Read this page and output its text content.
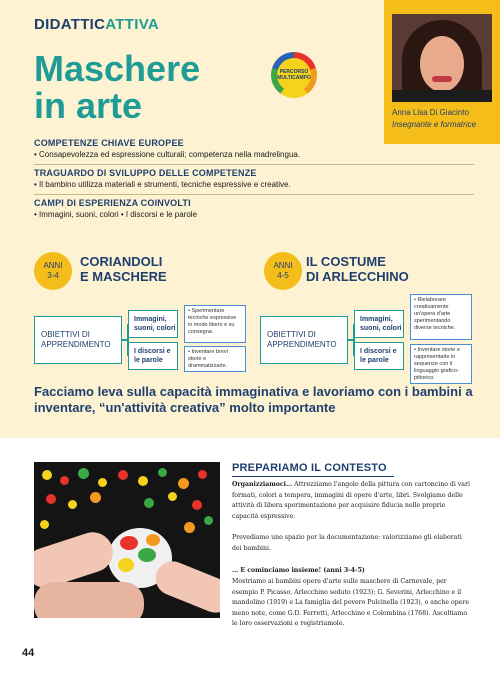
DIDATTICATTIVA
Maschere
in arte
PERCORSO
MULTICAMPO
Anna Lisa Di Giacinto
Insegnante e formatrice
COMPETENZE CHIAVE EUROPEE
• Consapevolezza ed espressione culturali; competenza nella madrelingua.
TRAGUARDO DI SVILUPPO DELLE COMPETENZE
• Il bambino utilizza materiali e strumenti, tecniche espressive e creative.
CAMPI DI ESPERIENZA COINVOLTI
• Immagini, suoni, colori • I discorsi e le parole
ANNI
3-4
CORIANDOLI
E MASCHERE
OBIETTIVI DI APPRENDIMENTO
Immagini, suoni, colori
I discorsi e le parole
• Sperimentare tecniche espressive in modo libero e su consegna.
• Inventare brevi storie e drammatizzarle.
ANNI
4-5
IL COSTUME
DI ARLECCHINO
OBIETTIVI DI APPRENDIMENTO
Immagini, suoni, colori
I discorsi e le parole
• Rielaborare creativamente un'opera d'arte sperimentando diverse tecniche.
• Inventare storie e rappresentarle in sequenze con il linguaggio grafico-pittorico.
Facciamo leva sulla capacità immaginativa e lavoriamo con i bambini a inventare, “un'attività creativa” molto importante
PREPARIAMO IL CONTESTO
Organizziamoci… Attrezziamo l'angolo della pittura con cartoncino di vari formati, colori a tempera, immagini di opere d'arte, libri. Svolgiamo delle attività di libera sperimentazione per acquisire fiducia nelle proprie capacità espressive.
Prevediamo uno spazio per la documentazione: valorizziamo gli elaborati dei bambini.
… E cominciamo insieme! (anni 3-4-5)
Mostriamo ai bambini opere d'arte sulle maschere di Carnevale, per esempio P. Picasso, Arlecchino seduto (1923); G. Severini, Arlecchino e il mandolino (1919) e La famiglia del povero Pulcinella (1923), o anche opere meno note, come G.D. Ferretti, Arlecchino e Colombina (1768). Ascoltiamo le loro osservazioni e registriamole.
44
